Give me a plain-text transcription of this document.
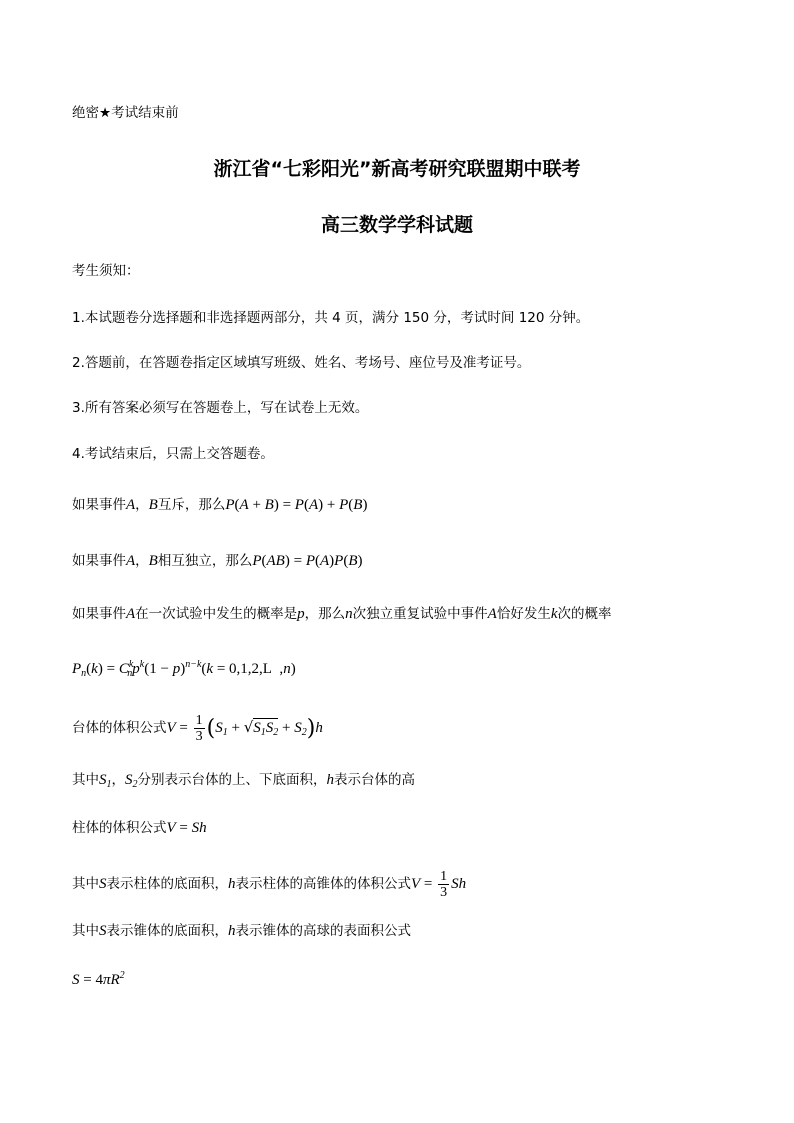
绝密★考试结束前
浙江省“七彩阳光”新高考研究联盟期中联考
高三数学学科试题
考生须知：
1.本试题卷分选择题和非选择题两部分，共 4 页，满分 150 分，考试时间 120 分钟。
2.答题前，在答题卷指定区域填写班级、姓名、考场号、座位号及准考证号。
3.所有答案必须写在答题卷上，写在试卷上无效。
4.考试结束后，只需上交答题卷。
如果事件A，B互斥，那么P(A + B) = P(A) + P(B)
如果事件A，B相互独立，那么P(AB) = P(A)P(B)
如果事件A在一次试验中发生的概率是p，那么n次独立重复试验中事件A恰好发生k次的概率
$P_n(k) = C^k_np^k(1 - p)^{n-k}(k = 0,1,2,L$  ,n)
台体的体积公式$V = \frac{1}{3} (S_1 + √S_1S_2 + S_2)h$
其中$S_1$，$S_2$分别表示台体的上、下底面积，h表示台体的高
柱体的体积公式V = Sh
其中S表示柱体的底面积，h表示柱体的高锥体的体积公式$V = \frac{1}{3}$ Sh
其中S表示锥体的底面积，h表示锥体的高球的表面积公式
$S = 4\pi R^2$
